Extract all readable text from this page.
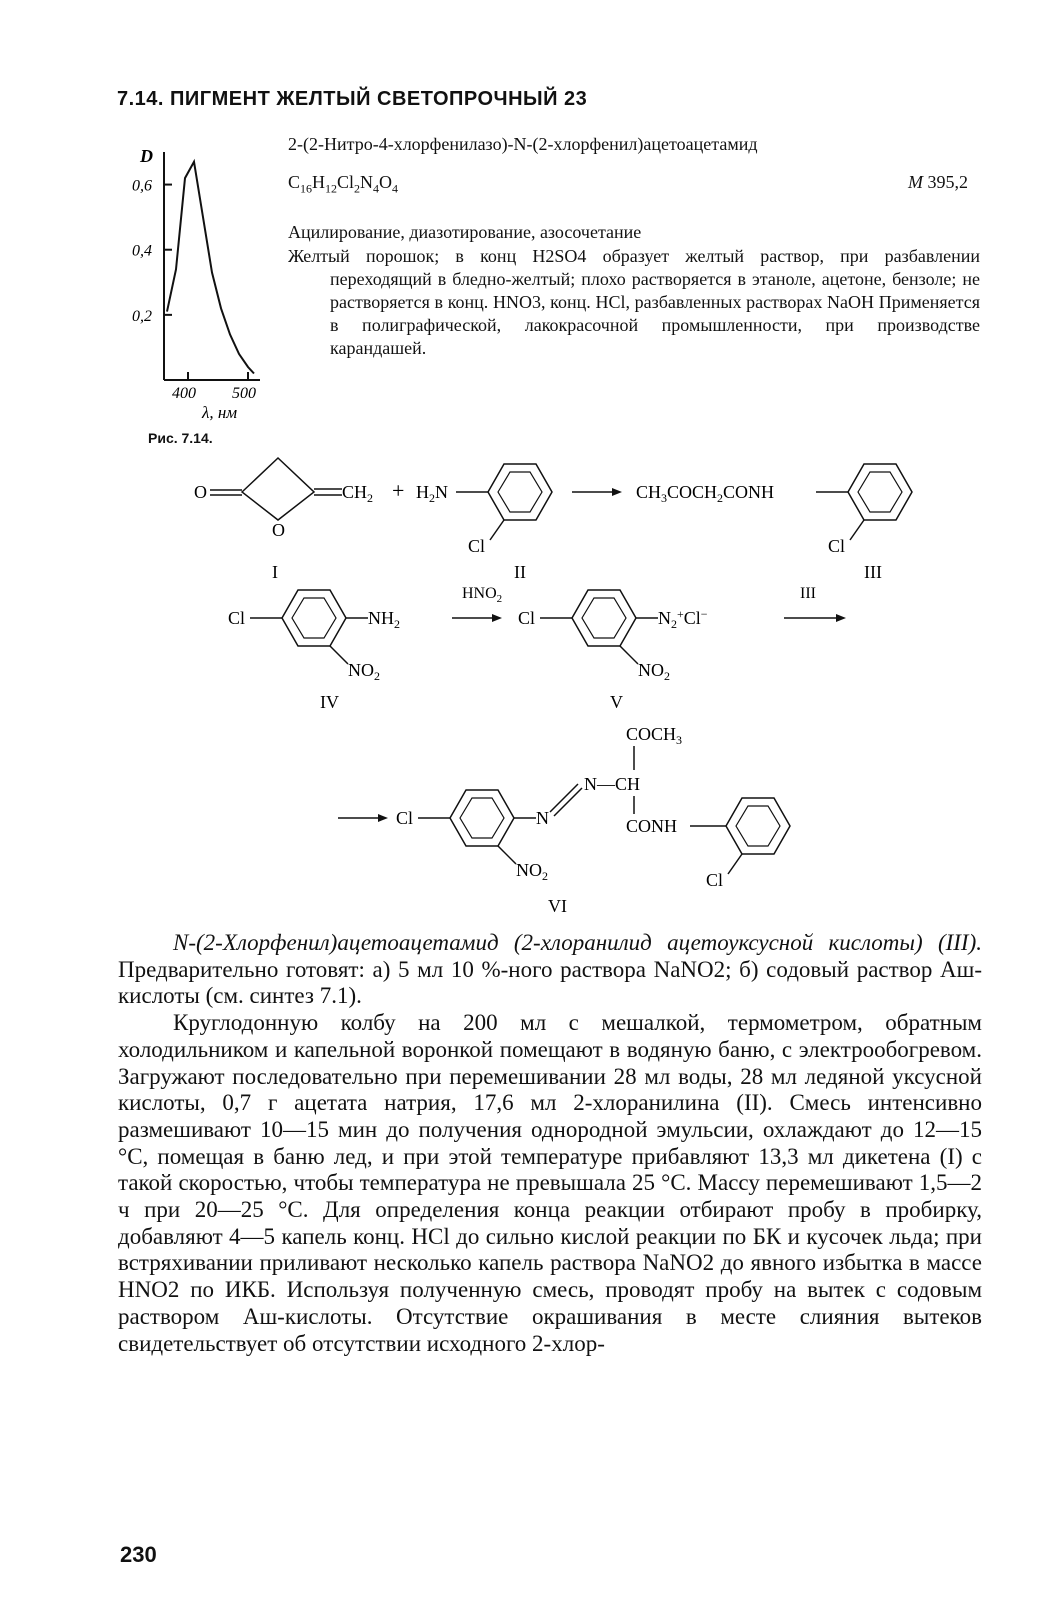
7.14. ПИГМЕНТ ЖЕЛТЫЙ СВЕТОПРОЧНЫЙ 23
2-(2-Нитро-4-хлорфенилазо)-N-(2-хлорфенил)ацетоацетамид
$C_{16}H_{12}Cl_2N_4O_4$	M 395,2
Ацилирование, диазотирование, азосочетание
Желтый порошок; в конц H2SO4 образует желтый раствор, при разбавлении переходящий в бледно-желтый; плохо растворяется в этаноле, ацетоне, бензоле; не растворяется в конц. HNO3, конц. HCl, разбавленных растворах NaOH Применяется в полиграфической, лакокрасочной промышленности, при производстве карандашей.
D
0,6
0,4
0,2
400 500
λ, нм
Рис. 7.14.
O
O
$CH_2 + H_2N$
Cl
I	II
$CH_3COCH_2CONH$
Cl
III
Cl	$NH_2$
$NO_2$
IV
$HNO_2$
Cl	$N_2^+Cl^-$
$NO_2$
V
III
Cl	N
N—CH
$NO_2$
$COCH_3$
CONH
Cl
VI

N-(2-Хлорфенил)ацетоацетамид (2-хлоранилид ацетоуксусной кислоты) (III). Предварительно готовят: а) 5 мл 10 %-ного раствора NaNO2; б) содовый раствор Аш-кислоты (см. синтез 7.1).

Круглодонную колбу на 200 мл с мешалкой, термометром, обратным холодильником и капельной воронкой помещают в водяную баню, с электрообогревом. Загружают последовательно при перемешивании 28 мл воды, 28 мл ледяной уксусной кислоты, 0,7 г ацетата натрия, 17,6 мл 2-хлоранилина (II). Смесь интенсивно размешивают 10—15 мин до получения однородной эмульсии, охлаждают до 12—15 °С, помещая в баню лед, и при этой температуре прибавляют 13,3 мл дикетена (I) с такой скоростью, чтобы температура не превышала 25 °С. Массу перемешивают 1,5—2 ч при 20—25 °С. Для определения конца реакции отбирают пробу в пробирку, добавляют 4—5 капель конц. HCl до сильно кислой реакции по БК и кусочек льда; при встряхивании приливают несколько капель раствора NaNO2 до явного избытка в массе HNO2 по ИКБ. Используя полученную смесь, проводят пробу на вытек с содовым раствором Аш-кислоты. Отсутствие окрашивания в месте слияния вытеков свидетельствует об отсутствии исходного 2-хлор-

230
